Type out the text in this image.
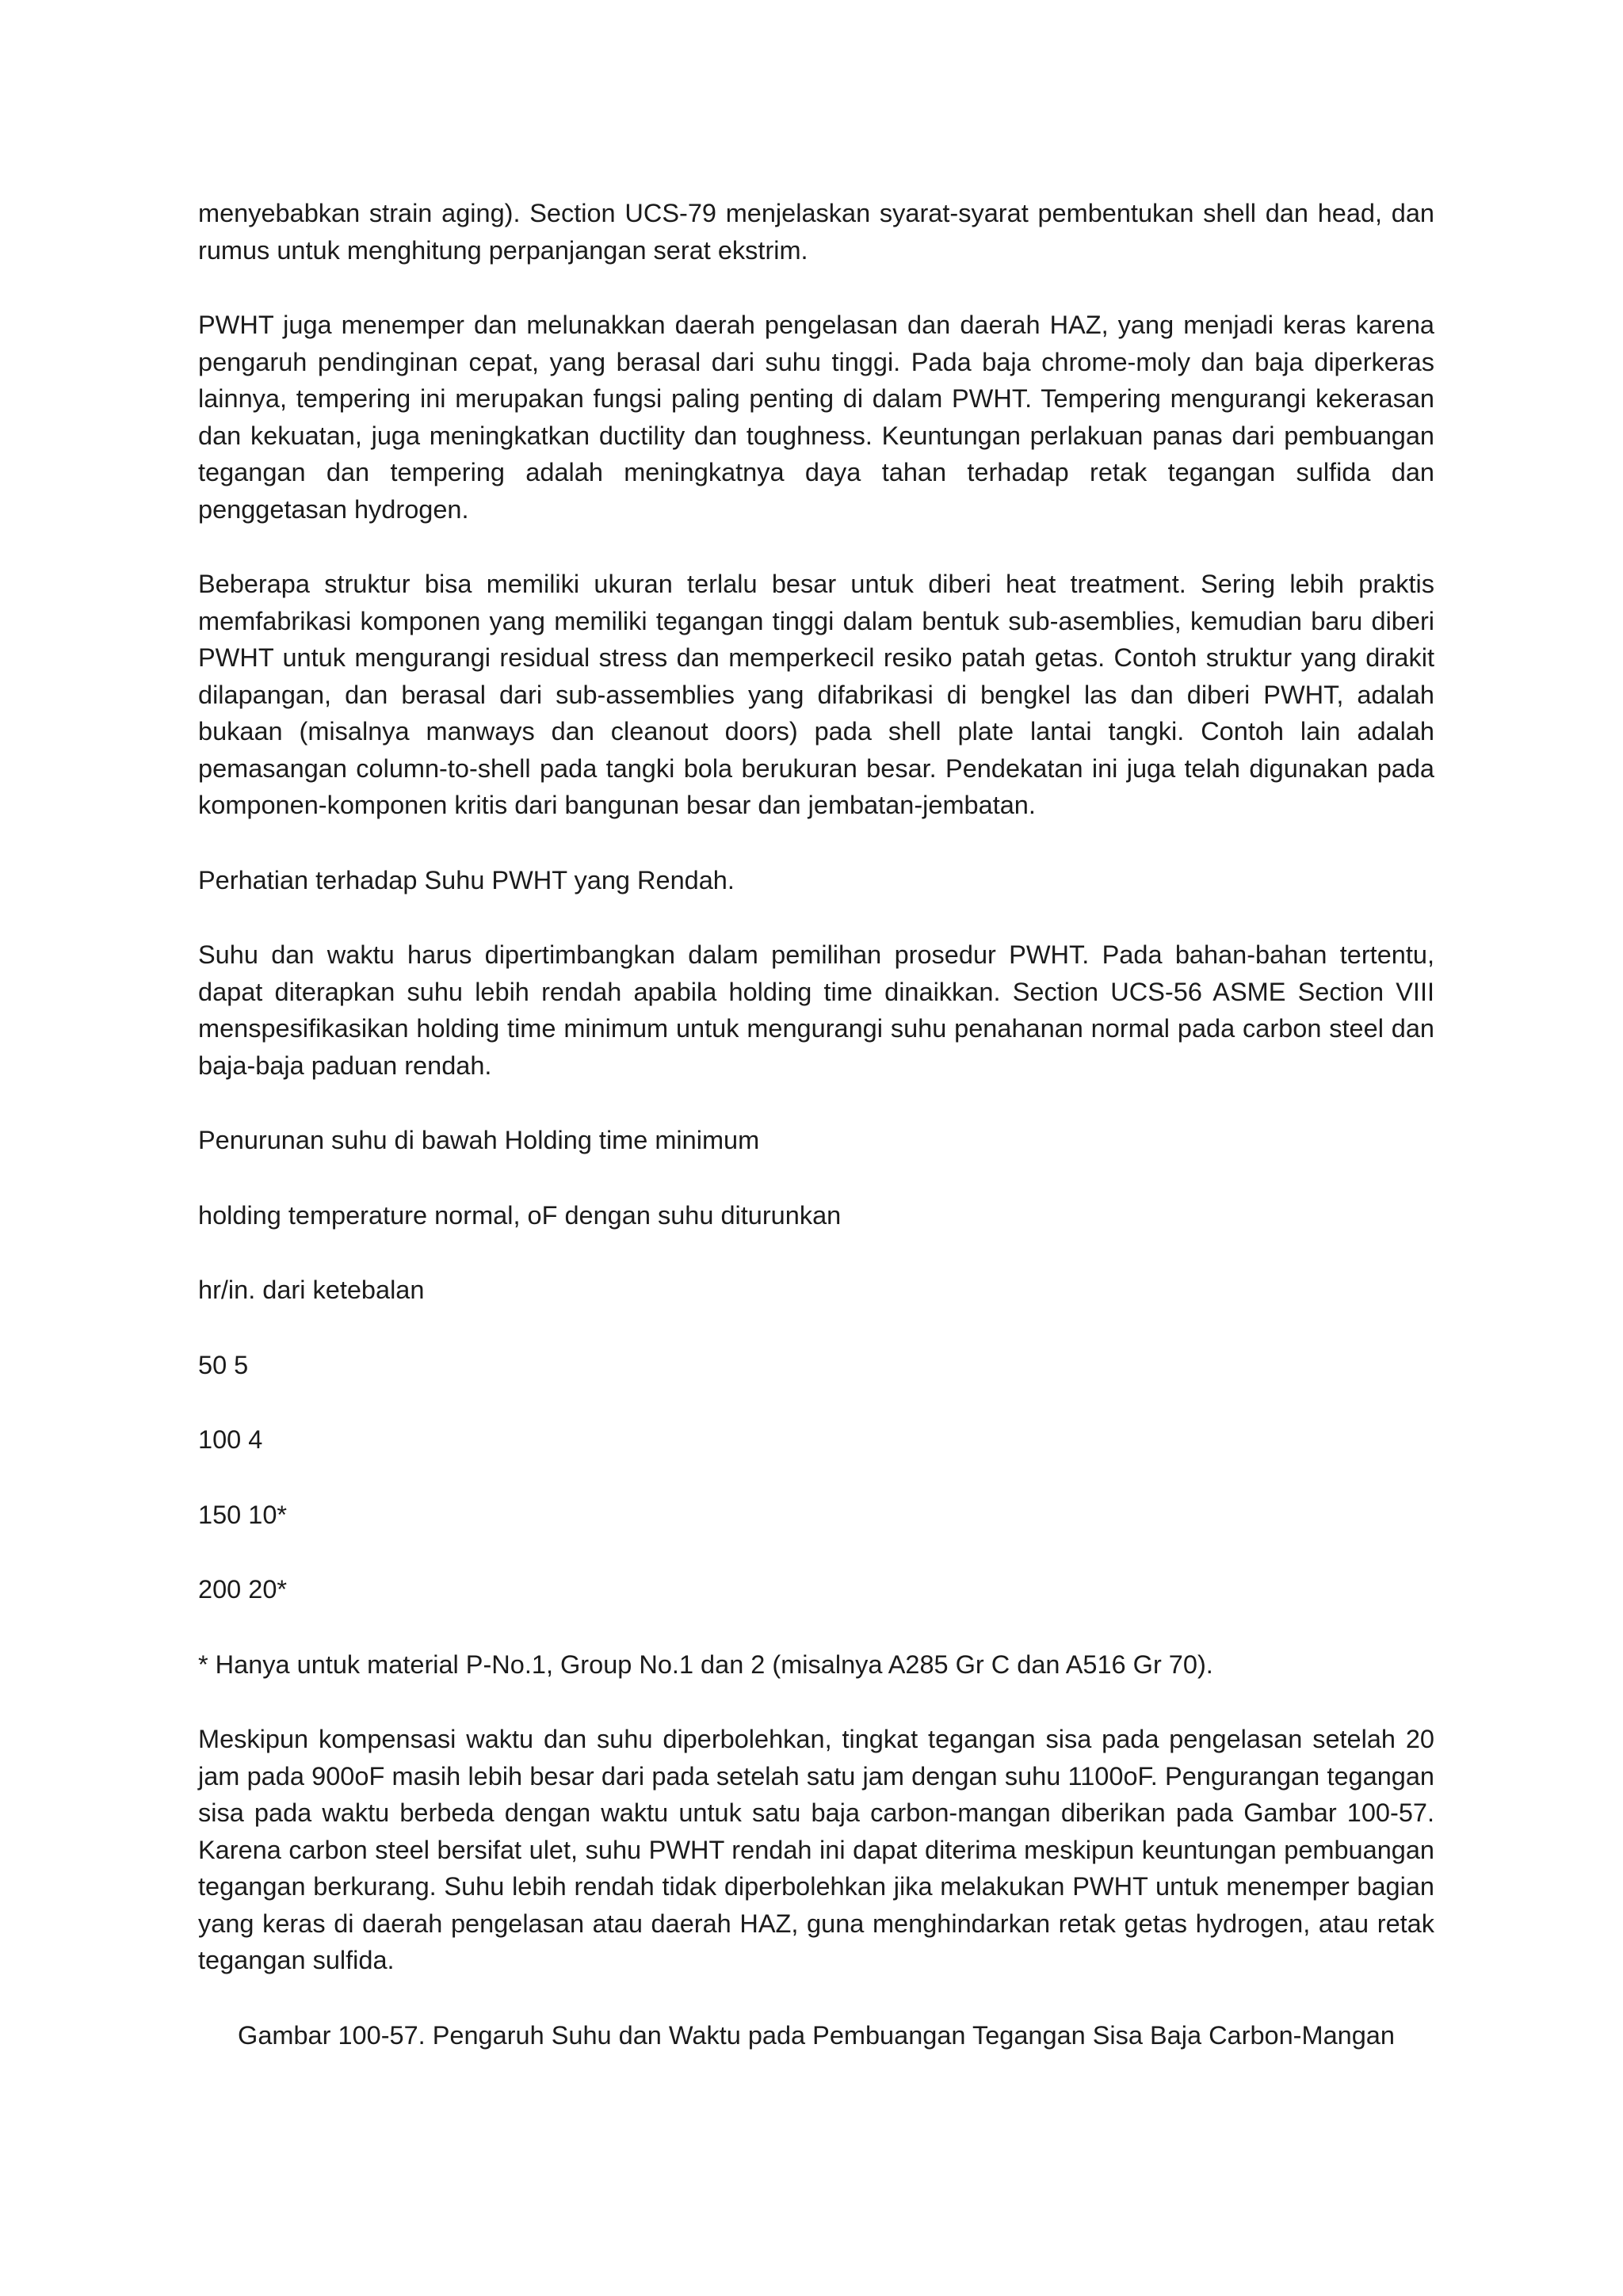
menyebabkan strain aging). Section UCS-79 menjelaskan syarat-syarat pembentukan shell dan head, dan rumus untuk menghitung perpanjangan serat ekstrim.

PWHT juga menemper dan melunakkan daerah pengelasan dan daerah HAZ, yang menjadi keras karena pengaruh pendinginan cepat, yang berasal dari suhu tinggi. Pada baja chrome-moly dan baja diperkeras lainnya, tempering ini merupakan fungsi paling penting di dalam PWHT. Tempering mengurangi kekerasan dan kekuatan, juga meningkatkan ductility dan toughness. Keuntungan perlakuan panas dari pembuangan tegangan dan tempering adalah meningkatnya daya tahan terhadap retak tegangan sulfida dan penggetasan hydrogen.

Beberapa struktur bisa memiliki ukuran terlalu besar untuk diberi heat treatment. Sering lebih praktis memfabrikasi komponen yang memiliki tegangan tinggi dalam bentuk sub-asemblies, kemudian baru diberi PWHT untuk mengurangi residual stress dan memperkecil resiko patah getas. Contoh struktur yang dirakit dilapangan, dan berasal dari sub-assemblies yang difabrikasi di bengkel las dan diberi PWHT, adalah bukaan (misalnya manways dan cleanout doors) pada shell plate lantai tangki. Contoh lain adalah pemasangan column-to-shell pada tangki bola berukuran besar. Pendekatan ini juga telah digunakan pada komponen-komponen kritis dari bangunan besar dan jembatan-jembatan.

Perhatian terhadap Suhu PWHT yang Rendah.

Suhu dan waktu harus dipertimbangkan dalam pemilihan prosedur PWHT. Pada bahan-bahan tertentu, dapat diterapkan suhu lebih rendah apabila holding time dinaikkan. Section UCS-56 ASME Section VIII menspesifikasikan holding time minimum untuk mengurangi suhu penahanan normal pada carbon steel dan baja-baja paduan rendah.

Penurunan suhu di bawah Holding time minimum

holding temperature normal, oF dengan suhu diturunkan

hr/in. dari ketebalan

50 5

100 4

150 10*

200 20*

* Hanya untuk material P-No.1, Group No.1 dan 2 (misalnya A285 Gr C dan A516 Gr 70).

Meskipun kompensasi waktu dan suhu diperbolehkan, tingkat tegangan sisa pada pengelasan setelah 20 jam pada 900oF masih lebih besar dari pada setelah satu jam dengan suhu 1100oF. Pengurangan tegangan sisa pada waktu berbeda dengan waktu untuk satu baja carbon-mangan diberikan pada Gambar 100-57. Karena carbon steel bersifat ulet, suhu PWHT rendah ini dapat diterima meskipun keuntungan pembuangan tegangan berkurang. Suhu lebih rendah tidak diperbolehkan jika melakukan PWHT untuk menemper bagian yang keras di daerah pengelasan atau daerah HAZ, guna menghindarkan retak getas hydrogen, atau retak tegangan sulfida.

Gambar 100-57. Pengaruh Suhu dan Waktu pada Pembuangan Tegangan Sisa Baja Carbon-Mangan
